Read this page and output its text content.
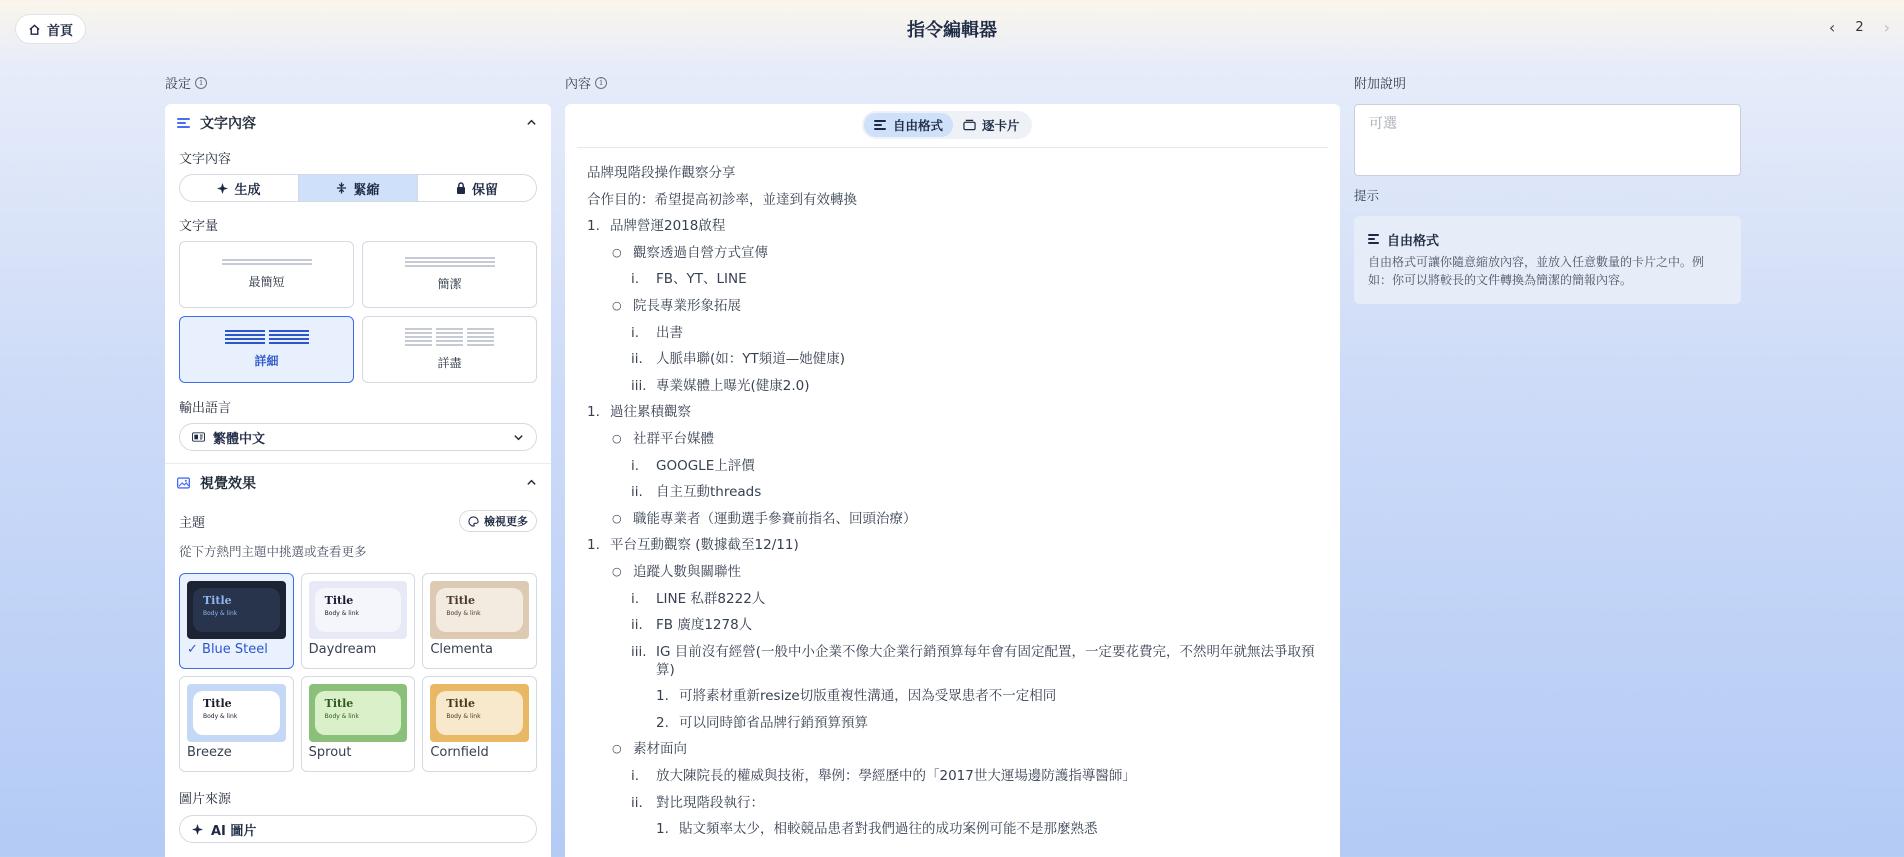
首頁	指令編輯器	‹ 2 ›
設定 i	內容 i	附加說明
文字內容
文字內容
生成	緊縮	保留
文字量
最簡短	簡潔
詳細	詳盡
輸出語言
繁體中文
視覺效果
主題	檢視更多
從下方熱門主題中挑選或查看更多
Title
Body & link
✓ Blue Steel
Title
Body & link
Daydream
Title
Body & link
Clementa
Title
Body & link
Breeze
Title
Body & link
Sprout
Title
Body & link
Cornfield
圖片來源
AI 圖片
自由格式	逐卡片
品牌現階段操作觀察分享
合作目的：希望提高初診率，並達到有效轉換
1. 品牌營運2018啟程
○ 觀察透過自營方式宣傳
i. FB、YT、LINE
○ 院長專業形象拓展
i. 出書
ii. 人脈串聯(如：YT頻道—她健康)
iii. 專業媒體上曝光(健康2.0)
1. 過往累積觀察
○ 社群平台媒體
i. GOOGLE上評價
ii. 自主互動threads
○ 職能專業者（運動選手參賽前指名、回頭治療）
1. 平台互動觀察 (數據截至12/11)
○ 追蹤人數與關聯性
i. LINE 私群8222人
ii. FB 廣度1278人
iii. IG 目前沒有經營(一般中小企業不像大企業行銷預算每年會有固定配置，一定要花費完，不然明年就無法爭取預算)
1. 可將素材重新resize切版重複性溝通，因為受眾患者不一定相同
2. 可以同時節省品牌行銷預算預算
○ 素材面向
i. 放大陳院長的權威與技術，舉例：學經歷中的「2017世大運場邊防護指導醫師」
ii. 對比現階段執行：
1. 貼文頻率太少，相較競品患者對我們過往的成功案例可能不是那麼熟悉
可選
提示
自由格式
自由格式可讓你隨意縮放內容，並放入任意數量的卡片之中。例如：你可以將較長的文件轉換為簡潔的簡報內容。
